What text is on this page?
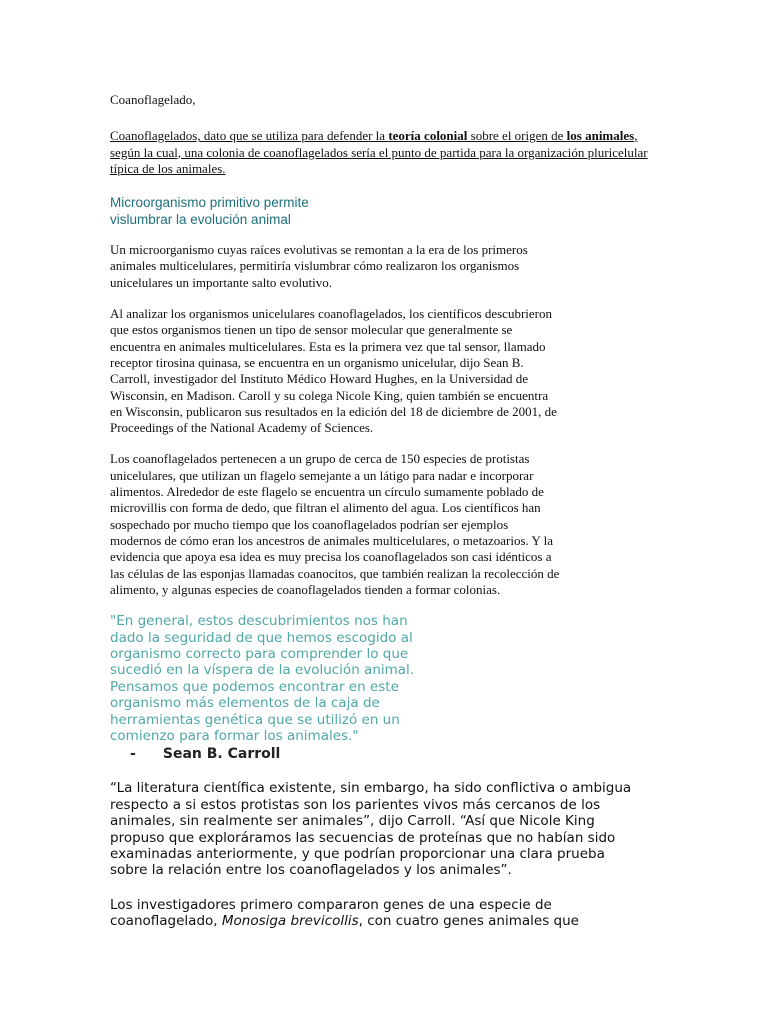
Coanoflagelado,
Coanoflagelados, dato que se utiliza para defender la teoría colonial sobre el origen de los animales, según la cual, una colonia de coanoflagelados sería el punto de partida para la organización pluricelular típica de los animales.
Microorganismo primitivo permite
vislumbrar la evolución animal

Un microorganismo cuyas raíces evolutivas se remontan a la era de los primeros animales multicelulares, permitiría vislumbrar cómo realizaron los organismos unicelulares un importante salto evolutivo.

Al analizar los organismos unicelulares coanoflagelados, los científicos descubrieron que estos organismos tienen un tipo de sensor molecular que generalmente se encuentra en animales multicelulares. Esta es la primera vez que tal sensor, llamado receptor tirosina quinasa, se encuentra en un organismo unicelular, dijo Sean B. Carroll, investigador del Instituto Médico Howard Hughes, en la Universidad de Wisconsin, en Madison. Caroll y su colega Nicole King, quien también se encuentra en Wisconsin, publicaron sus resultados en la edición del 18 de diciembre de 2001, de Proceedings of the National Academy of Sciences.

Los coanoflagelados pertenecen a un grupo de cerca de 150 especies de protistas unicelulares, que utilizan un flagelo semejante a un látigo para nadar e incorporar alimentos. Alrededor de este flagelo se encuentra un círculo sumamente poblado de microvillis con forma de dedo, que filtran el alimento del agua. Los científicos han sospechado por mucho tiempo que los coanoflagelados podrían ser ejemplos modernos de cómo eran los ancestros de animales multicelulares, o metazoarios. Y la evidencia que apoya esa idea es muy precisa los coanoflagelados son casi idénticos a las células de las esponjas llamadas coanocitos, que también realizan la recolección de alimento, y algunas especies de coanoflagelados tienden a formar colonias.

"En general, estos descubrimientos nos han dado la seguridad de que hemos escogido al organismo correcto para comprender lo que sucedió en la víspera de la evolución animal. Pensamos que podemos encontrar en este organismo más elementos de la caja de herramientas genética que se utilizó en un comienzo para formar los animales."
- Sean B. Carroll
“La literatura científica existente, sin embargo, ha sido conflictiva o ambigua
respecto a si estos protistas son los parientes vivos más cercanos de los animales, sin realmente ser animales”, dijo Carroll. “Así que Nicole King propuso que exploráramos las secuencias de proteínas que no habían sido examinadas anteriormente, y que podrían proporcionar una clara prueba sobre la relación entre los coanoflagelados y los animales”.
Los investigadores primero compararon genes de una especie de coanoflagelado, Monosiga brevicollis, con cuatro genes animales que
